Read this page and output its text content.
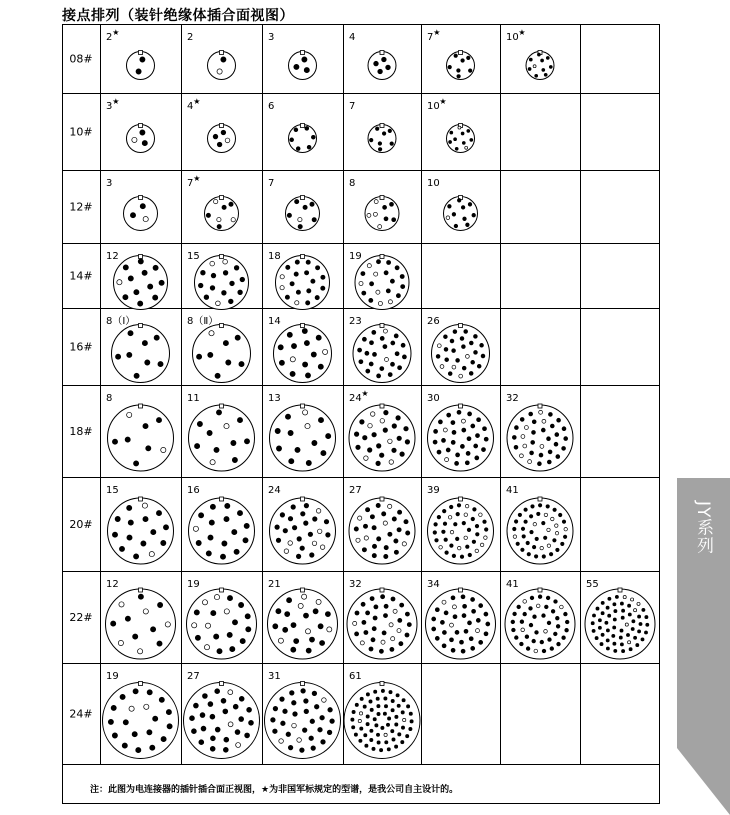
接点排列（装针绝缘体插合面视图）
08#
2 ★	2	3	4	7 ★	10 ★
10#
3 ★	4 ★	6	7	10 ★
12#
3	7 ★	7	8	10
14#
12	15	18	19
16#
8（Ⅰ）	8（Ⅱ）	14	23	26
18#
8	11	13	24 ★	30	32
20#
15	16	24	27	39	41
22#
12	19	21	32	34	41	55
24#
19	27	31	61
注：此图为电连接器的插针插合面正视图，★为非国军标规定的型谱，是我公司自主设计的。
JY系列
